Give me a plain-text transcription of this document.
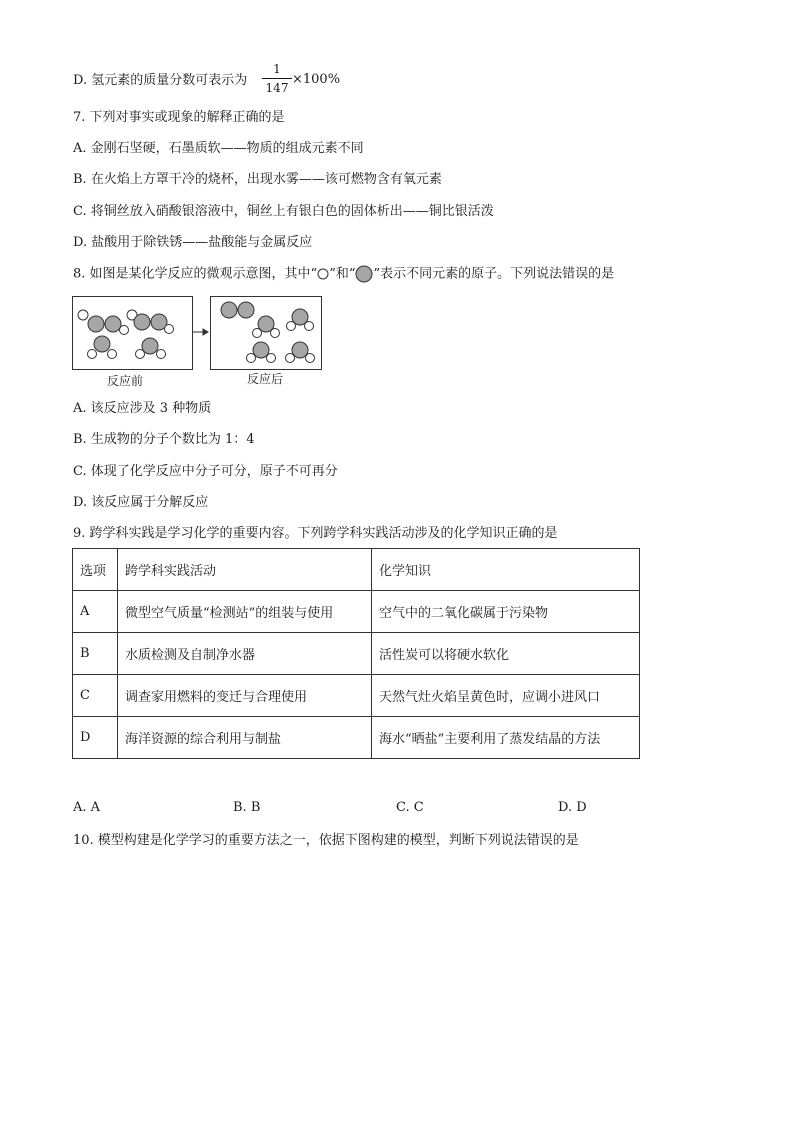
D. 氢元素的质量分数可表示为
1
147
×100%
7. 下列对事实或现象的解释正确的是
A. 金刚石坚硬，石墨质软——物质的组成元素不同
B. 在火焰上方罩干冷的烧杯，出现水雾——该可燃物含有氧元素
C. 将铜丝放入硝酸银溶液中，铜丝上有银白色的固体析出——铜比银活泼
D. 盐酸用于除铁锈——盐酸能与金属反应
8. 如图是某化学反应的微观示意图，其中“ ”和“ ”表示不同元素的原子。下列说法错误的是
反应前	反应后
A. 该反应涉及 3 种物质
B. 生成物的分子个数比为 1：4
C. 体现了化学反应中分子可分，原子不可再分
D. 该反应属于分解反应
9. 跨学科实践是学习化学的重要内容。下列跨学科实践活动涉及的化学知识正确的是
选项	跨学科实践活动	化学知识
A	微型空气质量“检测站”的组装与使用	空气中的二氧化碳属于污染物
B	水质检测及自制净水器	活性炭可以将硬水软化
C	调查家用燃料的变迁与合理使用	天然气灶火焰呈黄色时，应调小进风口
D	海洋资源的综合利用与制盐	海水“晒盐”主要利用了蒸发结晶的方法
A. A	B. B	C. C	D. D
10. 模型构建是化学学习的重要方法之一，依据下图构建的模型，判断下列说法错误的是
